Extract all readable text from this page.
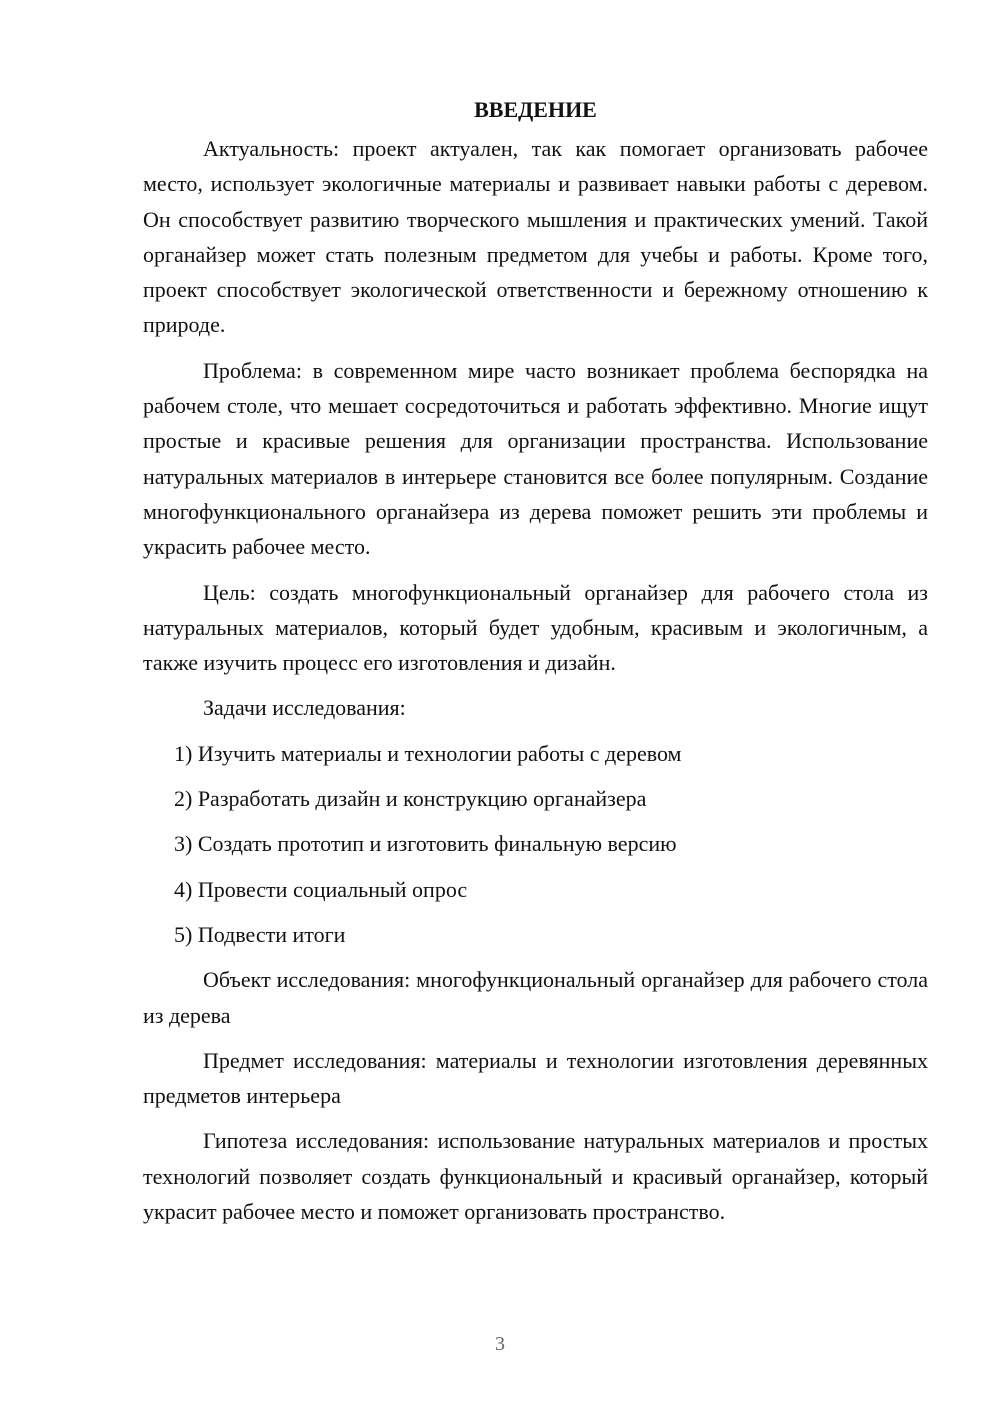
ВВЕДЕНИЕ

Актуальность: проект актуален, так как помогает организовать рабочее место, использует экологичные материалы и развивает навыки работы с деревом. Он способствует развитию творческого мышления и практических умений. Такой органайзер может стать полезным предметом для учебы и работы. Кроме того, проект способствует экологической ответственности и бережному отношению к природе.

Проблема: в современном мире часто возникает проблема беспорядка на рабочем столе, что мешает сосредоточиться и работать эффективно. Многие ищут простые и красивые решения для организации пространства. Использование натуральных материалов в интерьере становится все более популярным. Создание многофункционального органайзера из дерева поможет решить эти проблемы и украсить рабочее место.

Цель: создать многофункциональный органайзер для рабочего стола из натуральных материалов, который будет удобным, красивым и экологичным, а также изучить процесс его изготовления и дизайн.

Задачи исследования:

1) Изучить материалы и технологии работы с деревом
2) Разработать дизайн и конструкцию органайзера
3) Создать прототип и изготовить финальную версию
4) Провести социальный опрос
5) Подвести итоги

Объект исследования: многофункциональный органайзер для рабочего стола из дерева

Предмет исследования: материалы и технологии изготовления деревянных предметов интерьера

Гипотеза исследования: использование натуральных материалов и простых технологий позволяет создать функциональный и красивый органайзер, который украсит рабочее место и поможет организовать пространство.

3
